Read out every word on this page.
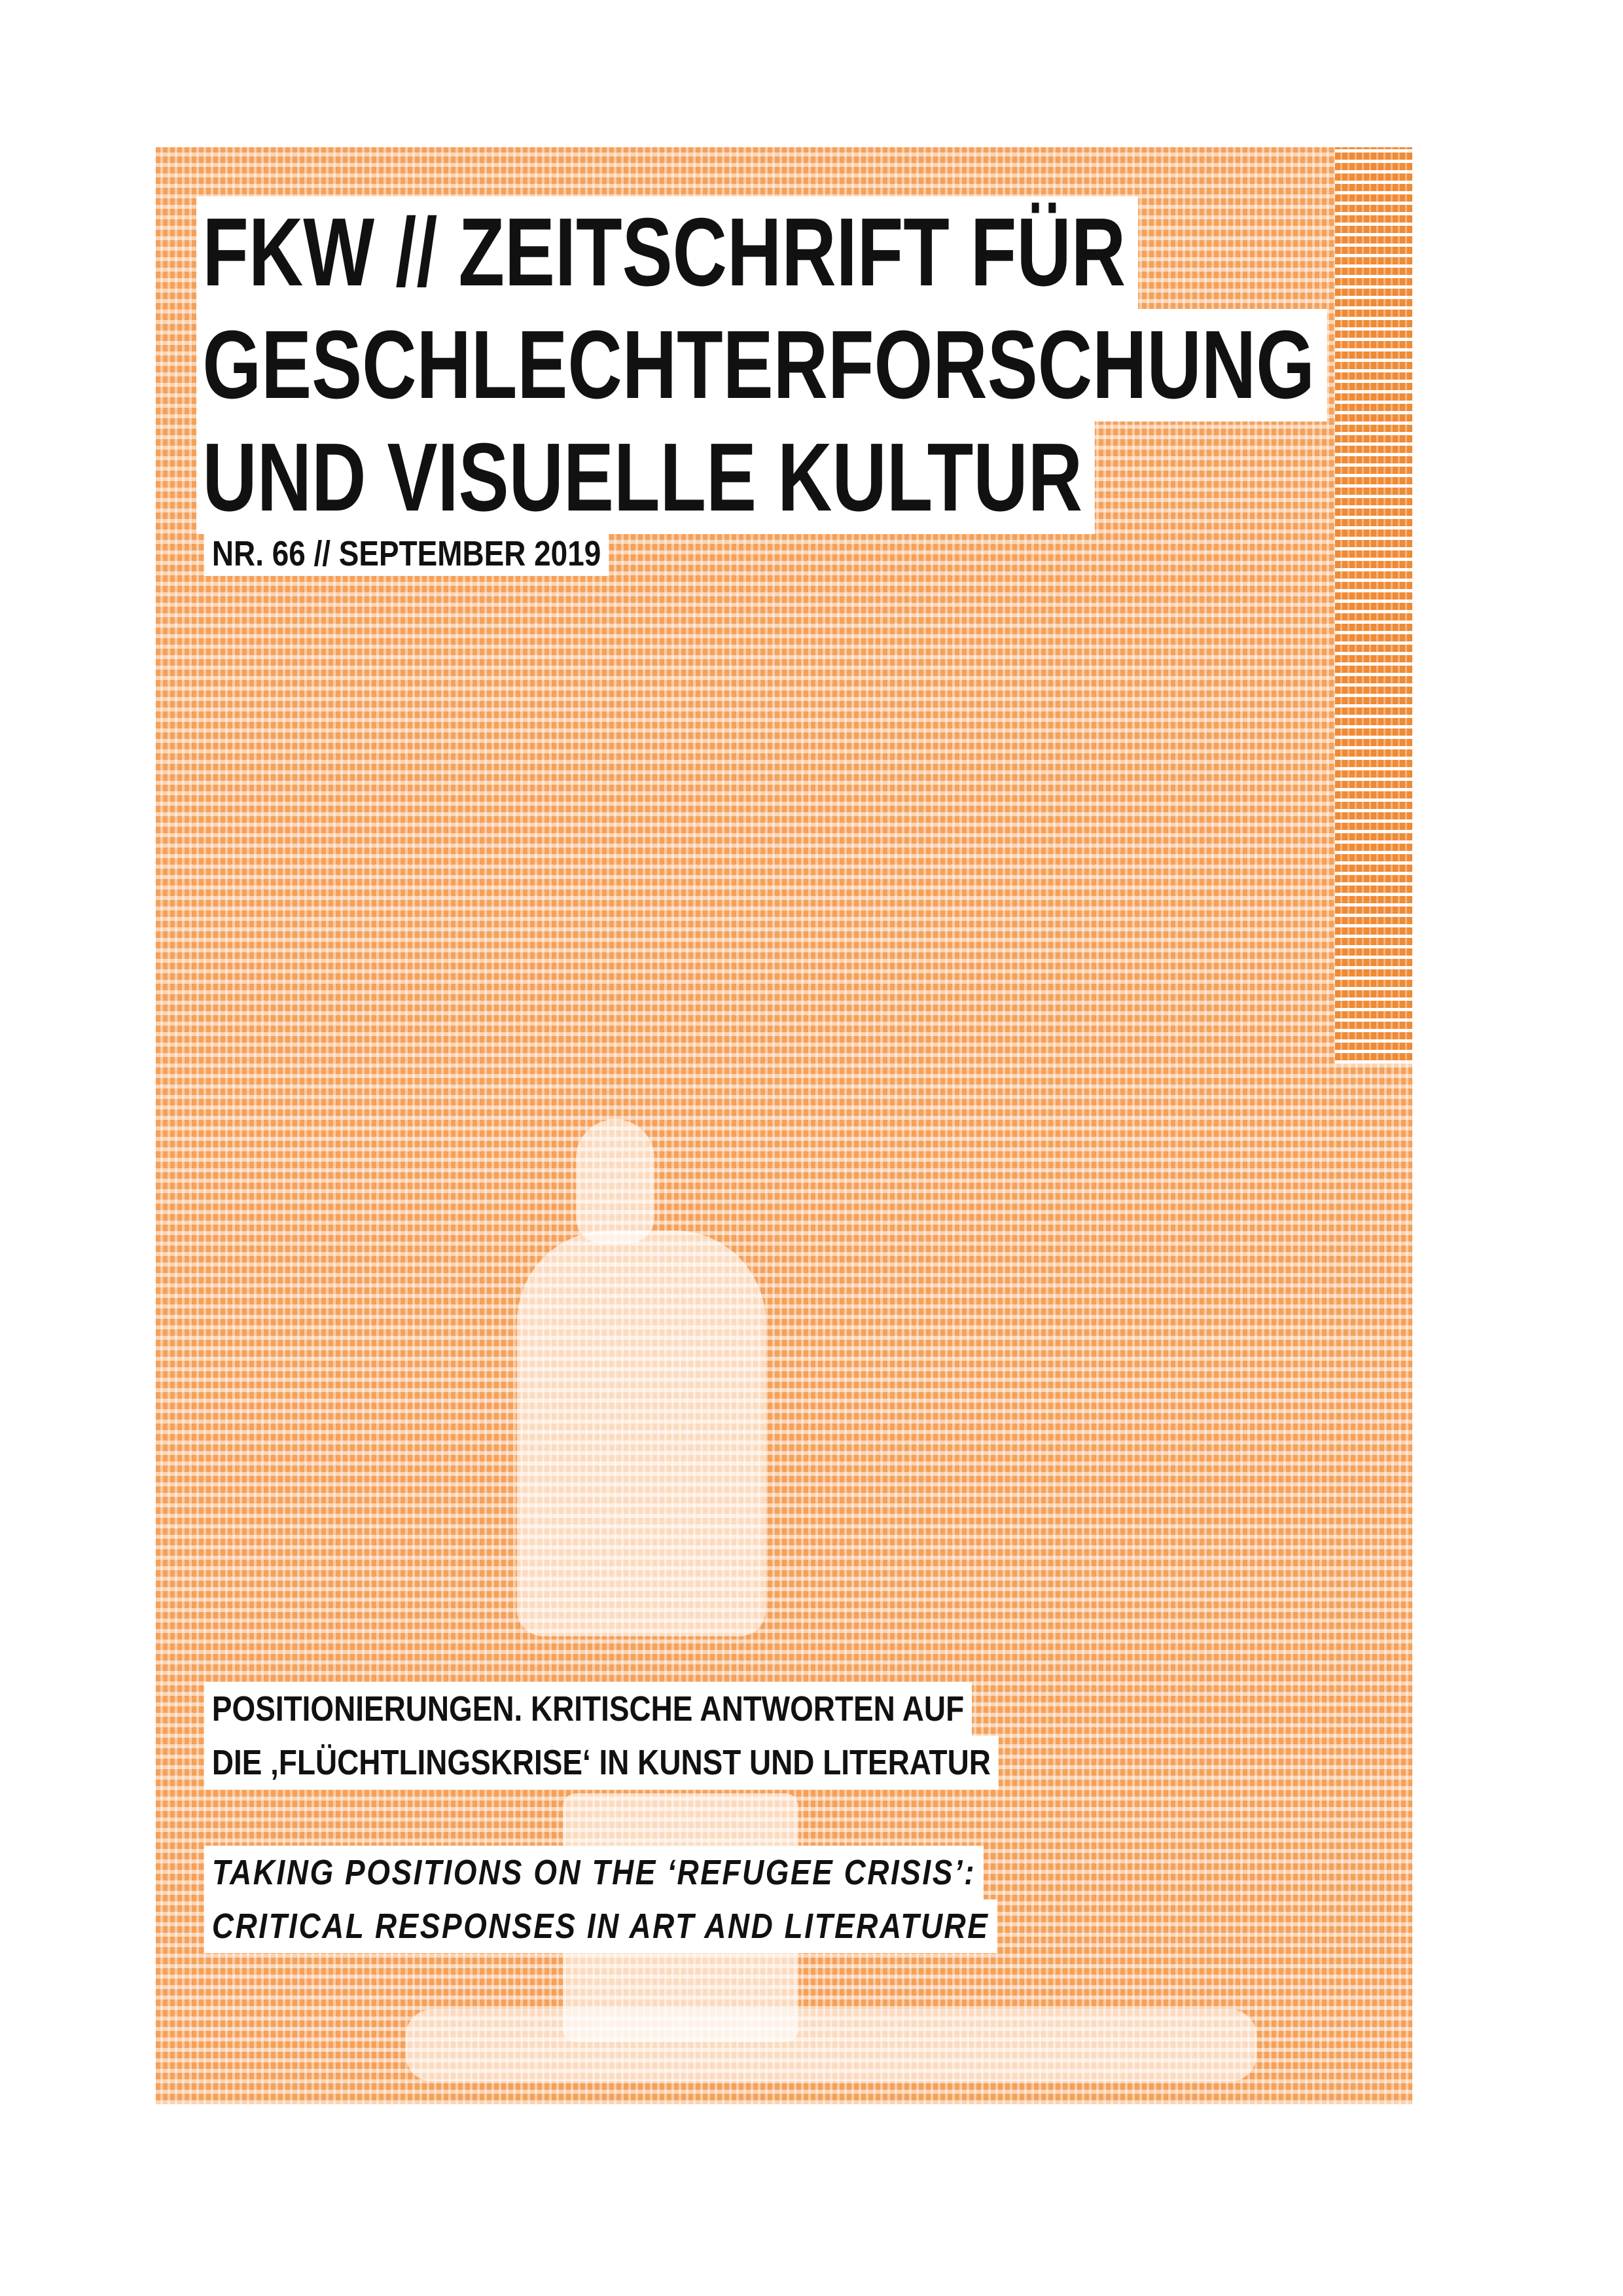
FKW // ZEITSCHRIFT FÜR
GESCHLECHTERFORSCHUNG
UND VISUELLE KULTUR

NR. 66 // SEPTEMBER 2019

POSITIONIERUNGEN. KRITISCHE ANTWORTEN AUF
DIE ‚FLÜCHTLINGSKRISE‘ IN KUNST UND LITERATUR
TAKING POSITIONS ON THE ‘REFUGEE CRISIS’:
CRITICAL RESPONSES IN ART AND LITERATURE
